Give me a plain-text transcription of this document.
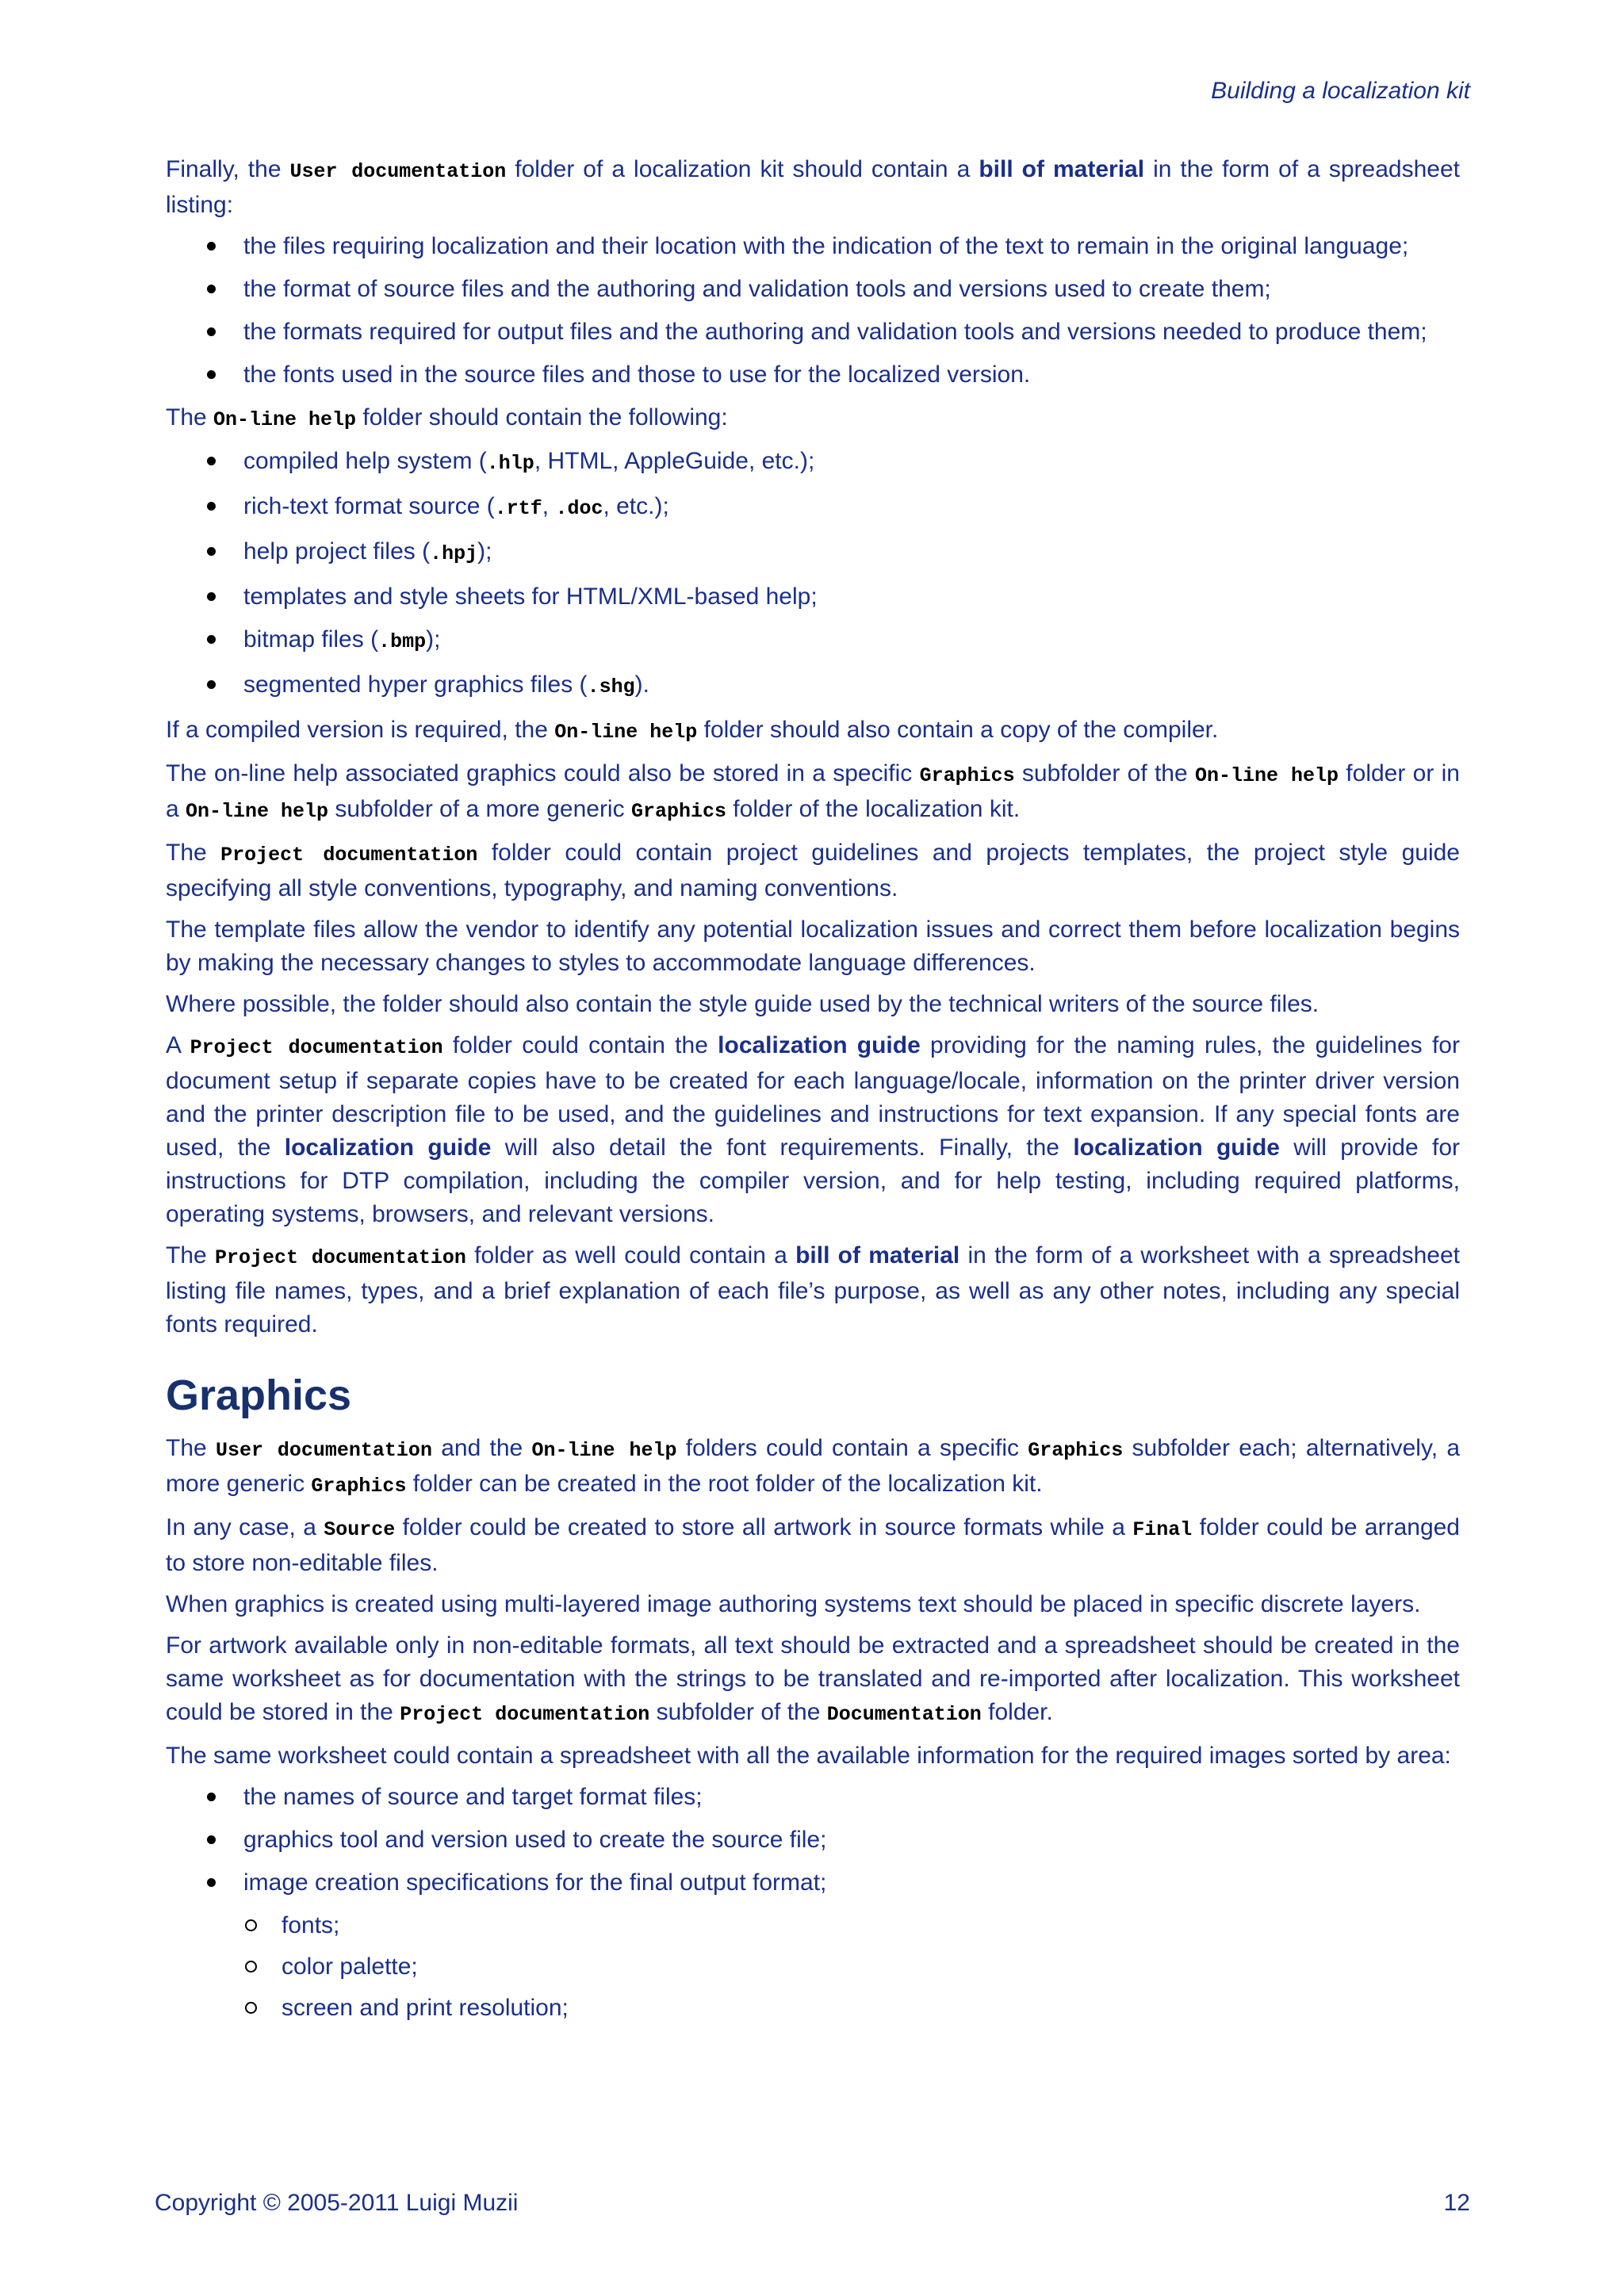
Building a localization kit

Finally, the User documentation folder of a localization kit should contain a bill of material in the form of a spreadsheet listing:

the files requiring localization and their location with the indication of the text to remain in the original language;
the format of source files and the authoring and validation tools and versions used to create them;
the formats required for output files and the authoring and validation tools and versions needed to produce them;
the fonts used in the source files and those to use for the localized version.

The On-line help folder should contain the following:

compiled help system (.hlp, HTML, AppleGuide, etc.);
rich-text format source (.rtf, .doc, etc.);
help project files (.hpj);
templates and style sheets for HTML/XML-based help;
bitmap files (.bmp);
segmented hyper graphics files (.shg).

If a compiled version is required, the On-line help folder should also contain a copy of the compiler.

The on-line help associated graphics could also be stored in a specific Graphics subfolder of the On-line help folder or in a On-line help subfolder of a more generic Graphics folder of the localization kit.

The Project documentation folder could contain project guidelines and projects templates, the project style guide specifying all style conventions, typography, and naming conventions.

The template files allow the vendor to identify any potential localization issues and correct them before localization begins by making the necessary changes to styles to accommodate language differences.

Where possible, the folder should also contain the style guide used by the technical writers of the source files.

A Project documentation folder could contain the localization guide providing for the naming rules, the guidelines for document setup if separate copies have to be created for each language/locale, information on the printer driver version and the printer description file to be used, and the guidelines and instructions for text expansion. If any special fonts are used, the localization guide will also detail the font requirements. Finally, the localization guide will provide for instructions for DTP compilation, including the compiler version, and for help testing, including required platforms, operating systems, browsers, and relevant versions.

The Project documentation folder as well could contain a bill of material in the form of a worksheet with a spreadsheet listing file names, types, and a brief explanation of each file’s purpose, as well as any other notes, including any special fonts required.

Graphics

The User documentation and the On-line help folders could contain a specific Graphics subfolder each; alternatively, a more generic Graphics folder can be created in the root folder of the localization kit.

In any case, a Source folder could be created to store all artwork in source formats while a Final folder could be arranged to store non-editable files.

When graphics is created using multi-layered image authoring systems text should be placed in specific discrete layers.

For artwork available only in non-editable formats, all text should be extracted and a spreadsheet should be created in the same worksheet as for documentation with the strings to be translated and re-imported after localization. This worksheet could be stored in the Project documentation subfolder of the Documentation folder.

The same worksheet could contain a spreadsheet with all the available information for the required images sorted by area:

the names of source and target format files;
graphics tool and version used to create the source file;
image creation specifications for the final output format;
fonts;
color palette;
screen and print resolution;
Copyright © 2005-2011 Luigi Muzii	12
